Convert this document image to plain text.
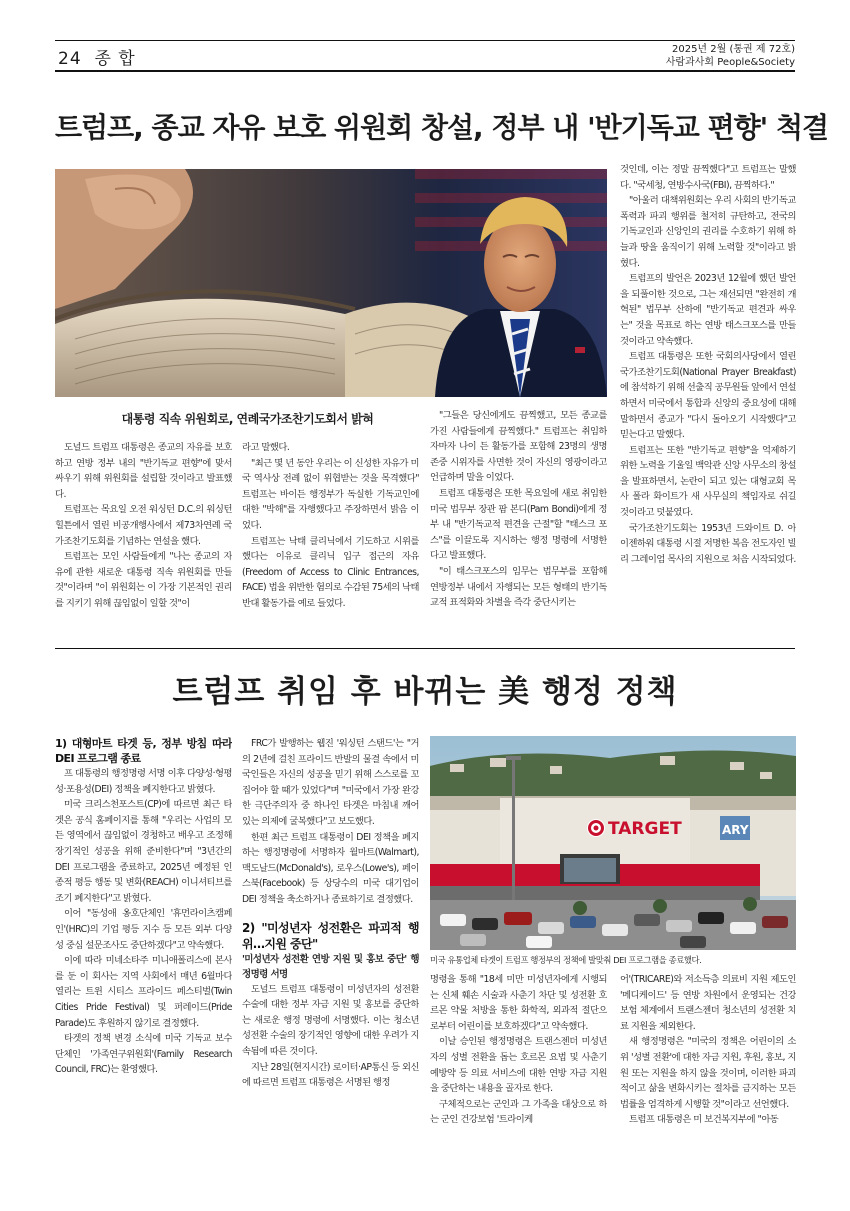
24 종 합	2025년 2월 (통권 제 72호)
사람과사회 People&Society
트럼프, 종교 자유 보호 위원회 창설, 정부 내 '반기독교 편향' 척결
대통령 직속 위원회로, 연례국가조찬기도회서 밝혀

도널드 트럼프 대통령은 종교의 자유를 보호하고 연방 정부 내의 "반기독교 편향"에 맞서 싸우기 위해 위원회를 설립할 것이라고 발표했다.

트럼프는 목요일 오전 워싱턴 D.C.의 워싱턴 힐튼에서 열린 비공개행사에서 제73차연례 국가조찬기도회를 기념하는 연설을 했다.

트럼프는 모인 사람들에게 "나는 종교의 자유에 관한 새로운 대통령 직속 위원회를 만들 것"이라며 "이 위원회는 이 가장 기본적인 권리를 지키기 위해 끊임없이 일할 것"이

라고 말했다.

"최근 몇 년 동안 우리는 이 신성한 자유가 미국 역사상 전례 없이 위협받는 것을 목격했다" 트럼프는 바이든 행정부가 독실한 기독교인에 대한 "박해"를 자행했다고 주장하면서 밝음 이었다.

트럼프는 낙태 클리닉에서 기도하고 시위를 했다는 이유로 클리닉 입구 접근의 자유(Freedom of Access to Clinic Entrances, FACE) 법을 위반한 혐의로 수감된 75세의 낙태 반대 활동가를 예로 들었다.

"그들은 당신에게도 끔찍했고, 모든 종교를 가진 사람들에게 끔찍했다." 트럼프는 취임하자마자 나이 든 활동가를 포함해 23명의 생명 존중 시위자를 사면한 것이 자신의 영광이라고 언급하며 말을 이었다.

트럼프 대통령은 또한 목요일에 새로 취임한 미국 법무부 장관 팜 본디(Pam Bondi)에게 정부 내 "반기독교적 편견을 근절"할 "태스크 포스"를 이끌도록 지시하는 행정 명령에 서명한다고 발표했다.

"이 태스크포스의 임무는 법무부를 포함해 연방정부 내에서 자행되는 모든 형태의 반기독교적 표적화와 차별을 즉각 중단시키는

것인데, 이는 정말 끔찍했다"고 트럼프는 말했다. "국세청, 연방수사국(FBI), 끔찍하다."

"아울러 대책위원회는 우리 사회의 반기독교 폭력과 파괴 행위를 철저히 규탄하고, 전국의 기독교인과 신앙인의 권리를 수호하기 위해 하늘과 땅을 움직이기 위해 노력할 것"이라고 밝혔다.

트럼프의 발언은 2023년 12월에 했던 발언을 되풀이한 것으로, 그는 재선되면 "완전히 개혁된" 법무부 산하에 "반기독교 편견과 싸우는" 것을 목표로 하는 연방 태스크포스를 만들 것이라고 약속했다.

트럼프 대통령은 또한 국회의사당에서 열린 국가조찬기도회(National Prayer Breakfast)에 참석하기 위해 선출직 공무원들 앞에서 연설하면서 미국에서 통합과 신앙의 중요성에 대해 말하면서 종교가 "다시 돌아오기 시작했다"고 믿는다고 말했다.

트럼프는 또한 "반기독교 편향"을 억제하기 위한 노력을 기울일 백악관 신앙 사무소의 창설을 발표하면서, 논란이 되고 있는 대형교회 목사 폴라 화이트가 새 사무실의 책임자로 쉬길 것이라고 덧붙였다.

국가조찬기도회는 1953년 드와이트 D. 아이젠하워 대통령 시절 저명한 복음 전도자인 빌리 그레이엄 목사의 지원으로 처음 시작되었다.

트럼프 취임 후 바뀌는 美 행정 정책
TARGET	ARY
미국 유통업체 타겟이 트럼프 행정부의 정책에 발맞춰 DEI 프로그램을 종료했다.

1) 대형마트 타겟 등, 정부 방침 따라 DEI 프로그램 종료

프 대통령의 행정명령 서명 이후 다양성·형평성·포용성(DEI) 정책을 폐지한다고 밝혔다.

미국 크리스천포스트(CP)에 따르면 최근 타겟은 공식 홈페이지를 통해 "우리는 사업의 모든 영역에서 끊임없이 경청하고 배우고 조정해 장기적인 성공을 위해 준비한다"며 "3년간의 DEI 프로그램을 종료하고, 2025년 예정된 인종적 평등 행동 및 변화(REACH) 이니셔티브를 조기 폐지한다"고 밝혔다.

이어 "동성애 옹호단체인 '휴먼라이츠캠페인'(HRC)의 기업 평등 지수 등 모든 외부 다양성 중심 설문조사도 중단하겠다"고 약속했다.

이에 따라 미네소타주 미니애폴리스에 본사를 둔 이 회사는 지역 사회에서 매년 6월마다 열리는 트윈 시티스 프라이드 페스티벌(Twin Cities Pride Festival) 및 퍼레이드(Pride Parade)도 후원하지 않기로 결정했다.

타겟의 정책 변경 소식에 미국 기독교 보수 단체인 '가족연구위원회'(Family Research Council, FRC)는 환영했다.

FRC가 발행하는 웹진 '워싱턴 스탠드'는 "거의 2년에 걸친 프라이드 반발의 물결 속에서 미국인들은 자신의 성공을 믿기 위해 스스로를 꼬집어야 할 때가 있었다"며 "미국에서 가장 완강한 극단주의자 중 하나인 타겟은 마침내 깨어 있는 의제에 굴복했다"고 보도했다.

한편 최근 트럼프 대통령이 DEI 정책을 폐지하는 행정명령에 서명하자 월마트(Walmart), 맥도날드(McDonald's), 로우스(Lowe's), 페이스북(Facebook) 등 상당수의 미국 대기업이 DEI 정책을 축소하거나 종료하기로 결정했다.

2) "미성년자 성전환은 파괴적 행위…지원 중단"

'미성년자 성전환 연방 지원 및 홍보 중단' 행정명령 서명

도널드 트럼프 대통령이 미성년자의 성전환 수술에 대한 정부 자금 지원 및 홍보를 중단하는 새로운 행정 명령에 서명했다. 이는 청소년 성전환 수술의 장기적인 영향에 대한 우려가 지속됨에 따른 것이다.

지난 28일(현지시간) 로이터·AP통신 등 외신에 따르면 트럼프 대통령은 서명된 행정

명령을 통해 "18세 미만 미성년자에게 시행되는 신체 훼손 시술과 사춘기 차단 및 성전환 호르몬 약물 처방을 통한 화학적, 외과적 절단으로부터 어린이를 보호하겠다"고 약속했다.

이날 승인된 행정명령은 트랜스젠더 미성년자의 성별 전환을 돕는 호르몬 요법 및 사춘기 예방약 등 의료 서비스에 대한 연방 자금 지원을 중단하는 내용을 골자로 한다.

구체적으로는 군인과 그 가족을 대상으로 하는 군인 건강보험 '트라이케

어'(TRICARE)와 저소득층 의료비 지원 제도인 '메디케이드' 등 연방 차원에서 운영되는 건강 보험 체계에서 트랜스젠더 청소년의 성전환 치료 지원을 제외한다.

새 행정명령은 "미국의 정책은 어린이의 소위 '성별 전환'에 대한 자금 지원, 후원, 홍보, 지원 또는 지원을 하지 않을 것이며, 이러한 파괴적이고 삶을 변화시키는 절차를 금지하는 모든 법률을 엄격하게 시행할 것"이라고 선언했다.

트럼프 대통령은 미 보건복지부에 "아동
